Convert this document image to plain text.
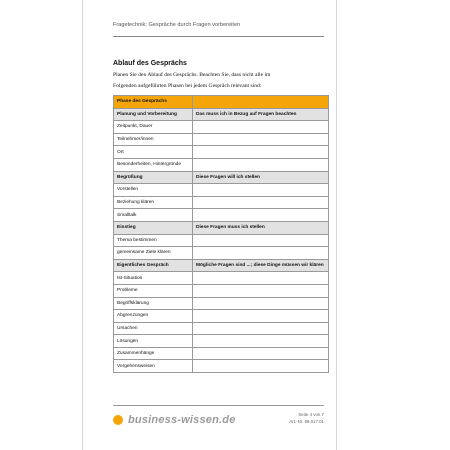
Fragetechnik: Gespräche durch Fragen vorbereiten
Ablauf des Gesprächs
Planen Sie den Ablauf des Gesprächs. Beachten Sie, dass nicht alle im
Folgenden aufgeführten Phasen bei jedem Gespräch relevant sind:
Phase des Gesprächs	
Planung und Vorbereitung	Das muss ich in Bezug auf Fragen beachten
Zeitpunkt, Dauer	
Teilnehmer/innen	
Ort	
Besonderheiten, Hintergründe	
Begrüßung	Diese Fragen will ich stellen
Vorstellen	
Beziehung klären	
Smalltalk	
Einstieg	Diese Fragen muss ich stellen
Thema bestimmen	
gemeinsame Ziele klären	
Eigentliches Gespräch	Mögliche Fragen sind ...; diese Dinge müssen wir klären
Ist-Situation	
Probleme	
Begriffsklärung	
Abgrenzungen	
Ursachen	
Lösungen	
Zusammenhänge	
Vorgehensweisen	
business-wissen.de	Seite 4 von 7
Art.-Nr. 99.017.01
